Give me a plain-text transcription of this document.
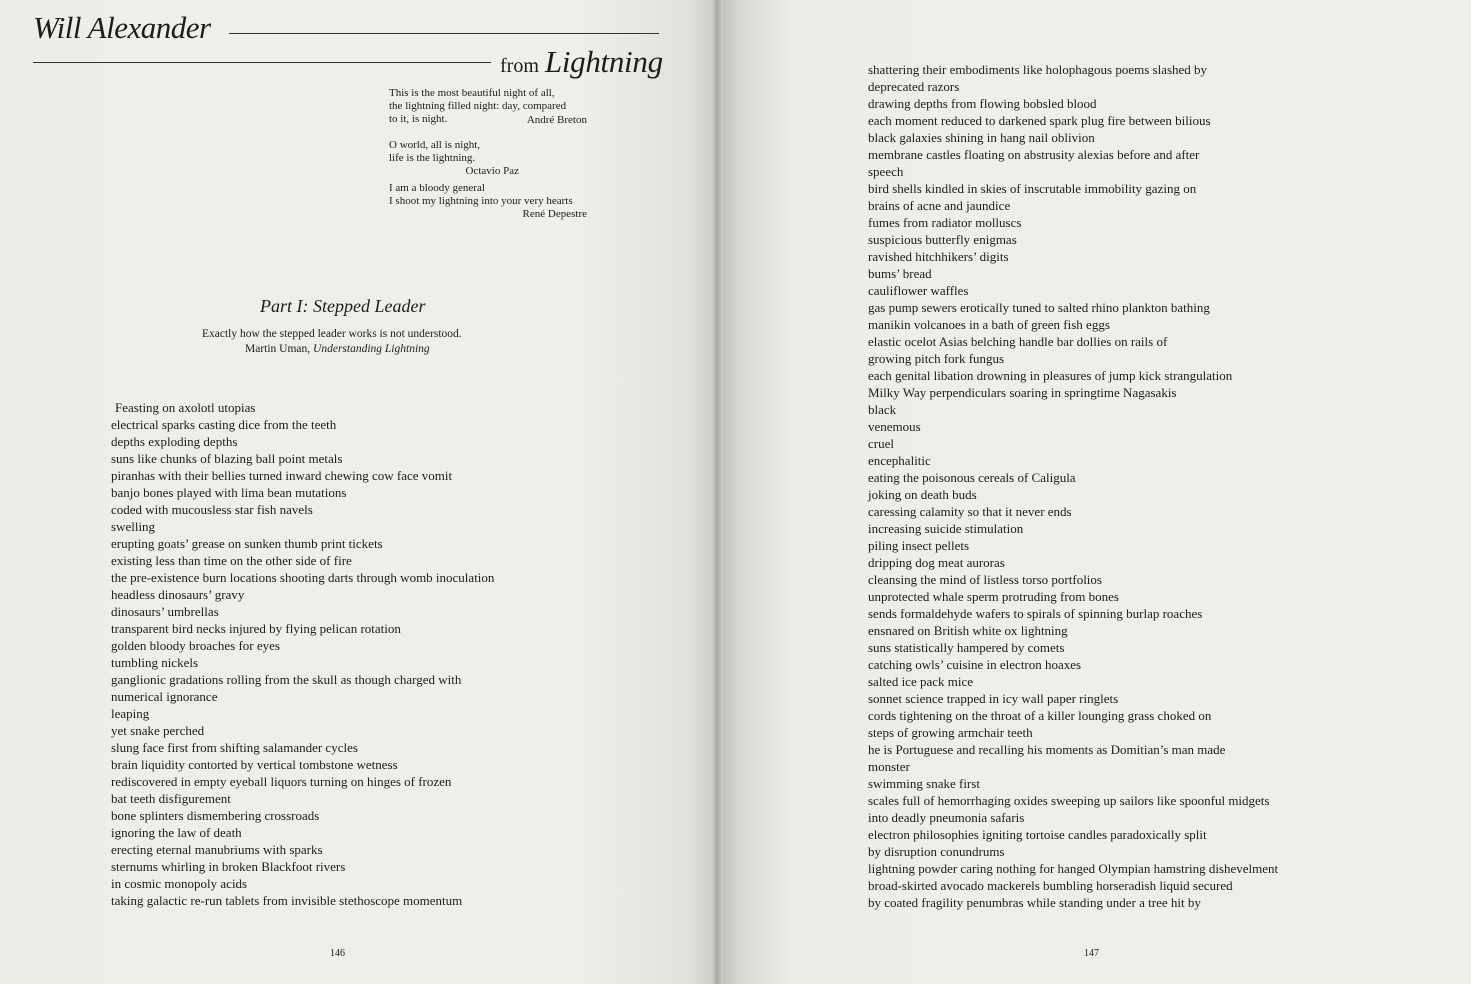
Will Alexander
from Lightning
This is the most beautiful night of all,
the lightning filled night: day, compared
to it, is night.	André Breton
O world, all is night,
life is the lightning.
Octavio Paz
I am a bloody general
I shoot my lightning into your very hearts
René Depestre
Part I: Stepped Leader
Exactly how the stepped leader works is not understood.
Martin Uman, Understanding Lightning
Feasting on axolotl utopias
electrical sparks casting dice from the teeth
depths exploding depths
suns like chunks of blazing ball point metals
piranhas with their bellies turned inward chewing cow face vomit
banjo bones played with lima bean mutations
coded with mucousless star fish navels
swelling
erupting goats’ grease on sunken thumb print tickets
existing less than time on the other side of fire
the pre-existence burn locations shooting darts through womb inoculation
headless dinosaurs’ gravy
dinosaurs’ umbrellas
transparent bird necks injured by flying pelican rotation
golden bloody broaches for eyes
tumbling nickels
ganglionic gradations rolling from the skull as though charged with
numerical ignorance
leaping
yet snake perched
slung face first from shifting salamander cycles
brain liquidity contorted by vertical tombstone wetness
rediscovered in empty eyeball liquors turning on hinges of frozen
bat teeth disfigurement
bone splinters dismembering crossroads
ignoring the law of death
erecting eternal manubriums with sparks
sternums whirling in broken Blackfoot rivers
in cosmic monopoly acids
taking galactic re-run tablets from invisible stethoscope momentum
146
shattering their embodiments like holophagous poems slashed by
deprecated razors
drawing depths from flowing bobsled blood
each moment reduced to darkened spark plug fire between bilious
black galaxies shining in hang nail oblivion
membrane castles floating on abstrusity alexias before and after
speech
bird shells kindled in skies of inscrutable immobility gazing on
brains of acne and jaundice
fumes from radiator molluscs
suspicious butterfly enigmas
ravished hitchhikers’ digits
bums’ bread
cauliflower waffles
gas pump sewers erotically tuned to salted rhino plankton bathing
manikin volcanoes in a bath of green fish eggs
elastic ocelot Asias belching handle bar dollies on rails of
growing pitch fork fungus
each genital libation drowning in pleasures of jump kick strangulation
Milky Way perpendiculars soaring in springtime Nagasakis
black
venemous
cruel
encephalitic
eating the poisonous cereals of Caligula
joking on death buds
caressing calamity so that it never ends
increasing suicide stimulation
piling insect pellets
dripping dog meat auroras
cleansing the mind of listless torso portfolios
unprotected whale sperm protruding from bones
sends formaldehyde wafers to spirals of spinning burlap roaches
ensnared on British white ox lightning
suns statistically hampered by comets
catching owls’ cuisine in electron hoaxes
salted ice pack mice
sonnet science trapped in icy wall paper ringlets
cords tightening on the throat of a killer lounging grass choked on
steps of growing armchair teeth
he is Portuguese and recalling his moments as Domitian’s man made
monster
swimming snake first
scales full of hemorrhaging oxides sweeping up sailors like spoonful midgets
into deadly pneumonia safaris
electron philosophies igniting tortoise candles paradoxically split
by disruption conundrums
lightning powder caring nothing for hanged Olympian hamstring dishevelment
broad-skirted avocado mackerels bumbling horseradish liquid secured
by coated fragility penumbras while standing under a tree hit by
147
